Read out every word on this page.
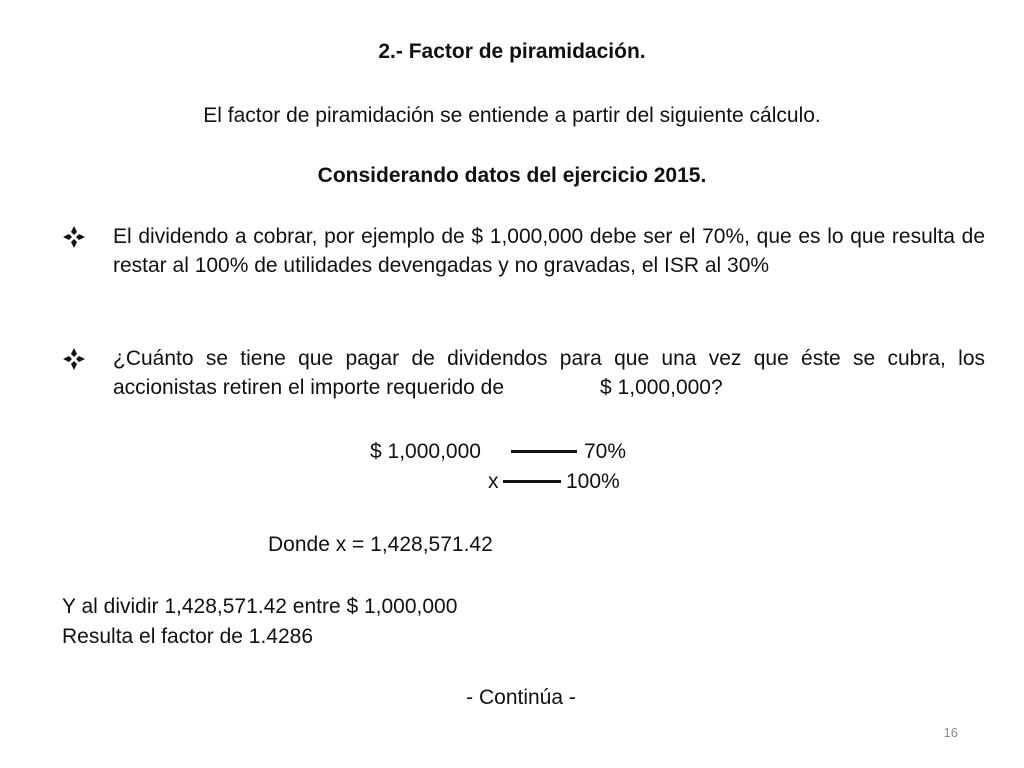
2.- Factor de piramidación.
El factor de piramidación se entiende a partir del siguiente cálculo.
Considerando datos del ejercicio 2015.
El dividendo a cobrar, por ejemplo de $ 1,000,000 debe ser el 70%, que es lo que resulta de restar al 100% de utilidades devengadas y no gravadas, el ISR al 30%
¿Cuánto se tiene que pagar de dividendos para que una vez que éste se cubra, los accionistas retiren el importe requerido de	$ 1,000,000?
$ 1,000,000	70%
x	100%
Donde x = 1,428,571.42
Y al dividir 1,428,571.42 entre $ 1,000,000
Resulta el factor de 1.4286
- Continúa -
16
